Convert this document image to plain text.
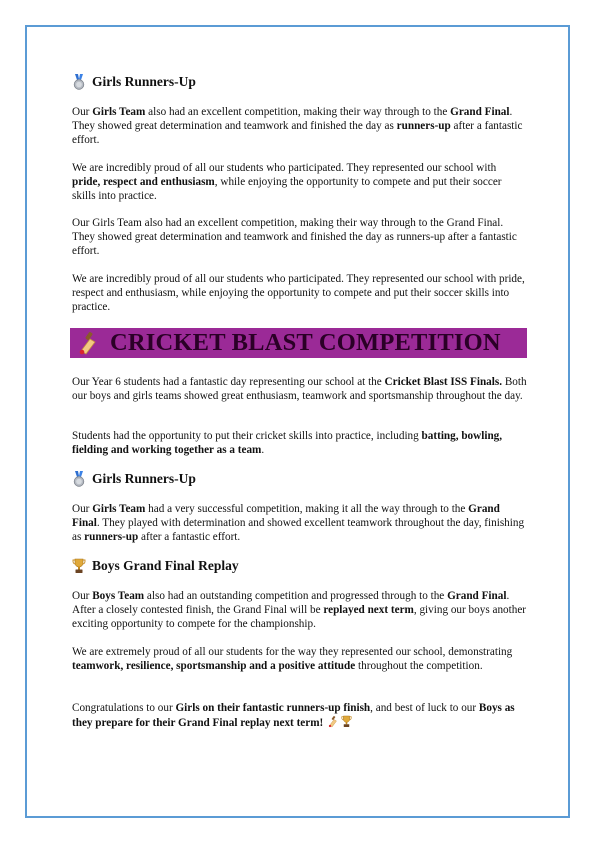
Girls Runners-Up

Our Girls Team also had an excellent competition, making their way through to the Grand Final. They showed great determination and teamwork and finished the day as runners-up after a fantastic effort.

We are incredibly proud of all our students who participated. They represented our school with pride, respect and enthusiasm, while enjoying the opportunity to compete and put their soccer skills into practice.

Our Girls Team also had an excellent competition, making their way through to the Grand Final. They showed great determination and teamwork and finished the day as runners-up after a fantastic effort.

We are incredibly proud of all our students who participated. They represented our school with pride, respect and enthusiasm, while enjoying the opportunity to compete and put their soccer skills into practice.

CRICKET BLAST COMPETITION

Our Year 6 students had a fantastic day representing our school at the Cricket Blast ISS Finals. Both our boys and girls teams showed great enthusiasm, teamwork and sportsmanship throughout the day.

Students had the opportunity to put their cricket skills into practice, including batting, bowling, fielding and working together as a team.

Girls Runners-Up

Our Girls Team had a very successful competition, making it all the way through to the Grand Final. They played with determination and showed excellent teamwork throughout the day, finishing as runners-up after a fantastic effort.

Boys Grand Final Replay

Our Boys Team also had an outstanding competition and progressed through to the Grand Final. After a closely contested finish, the Grand Final will be replayed next term, giving our boys another exciting opportunity to compete for the championship.

We are extremely proud of all our students for the way they represented our school, demonstrating teamwork, resilience, sportsmanship and a positive attitude throughout the competition.

Congratulations to our Girls on their fantastic runners-up finish, and best of luck to our Boys as they prepare for their Grand Final replay next term!
